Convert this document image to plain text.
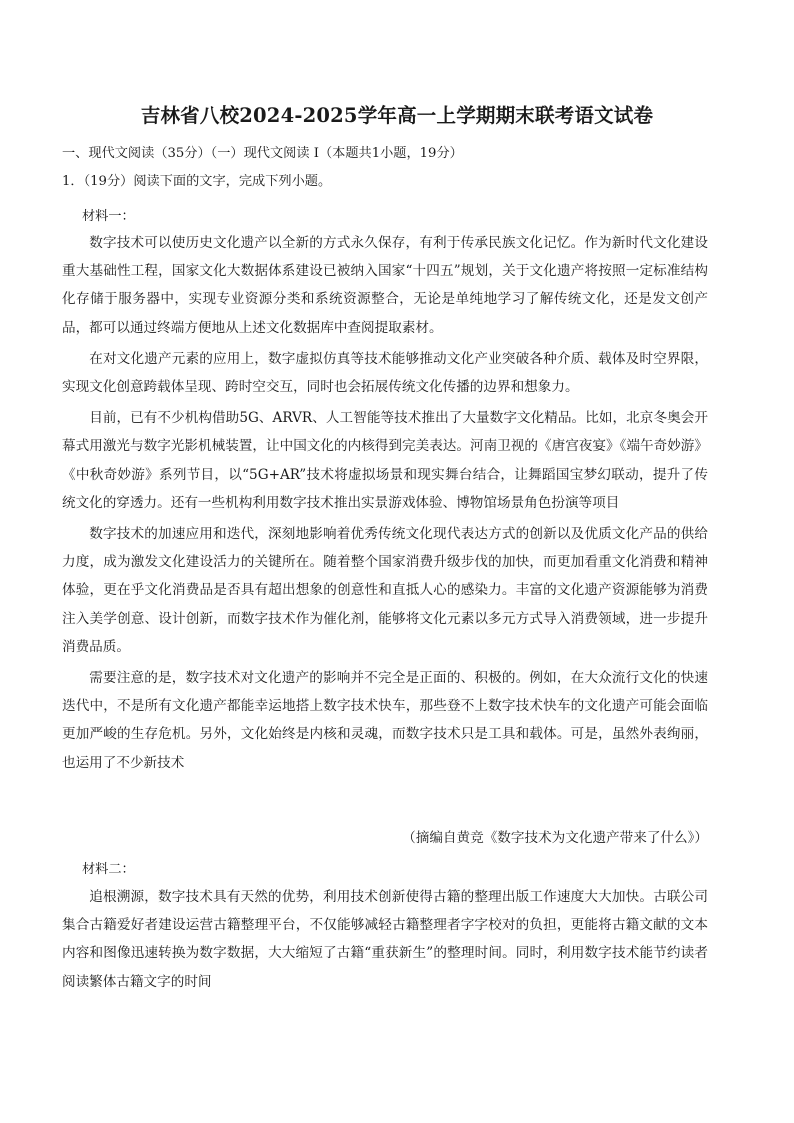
吉林省八校2024-2025学年高一上学期期末联考语文试卷
一、现代文阅读（35分）（一）现代文阅读 I（本题共1小题，19分）
1．（19分）阅读下面的文字，完成下列小题。
材料一：

数字技术可以使历史文化遗产以全新的方式永久保存，有利于传承民族文化记忆。作为新时代文化建设重大基础性工程，国家文化大数据体系建设已被纳入国家“十四五”规划，关于文化遗产将按照一定标准结构化存储于服务器中，实现专业资源分类和系统资源整合，无论是单纯地学习了解传统文化，还是发文创产品，都可以通过终端方便地从上述文化数据库中查阅提取素材。

在对文化遗产元素的应用上，数字虚拟仿真等技术能够推动文化产业突破各种介质、载体及时空界限，实现文化创意跨载体呈现、跨时空交互，同时也会拓展传统文化传播的边界和想象力。

目前，已有不少机构借助5G、ARVR、人工智能等技术推出了大量数字文化精品。比如，北京冬奥会开幕式用激光与数字光影机械装置，让中国文化的内核得到完美表达。河南卫视的《唐宫夜宴》《端午奇妙游》《中秋奇妙游》系列节目，以“5G+AR”技术将虚拟场景和现实舞台结合，让舞蹈国宝梦幻联动，提升了传统文化的穿透力。还有一些机构利用数字技术推出实景游戏体验、博物馆场景角色扮演等项目

数字技术的加速应用和迭代，深刻地影响着优秀传统文化现代表达方式的创新以及优质文化产品的供给力度，成为激发文化建设活力的关键所在。随着整个国家消费升级步伐的加快，而更加看重文化消费和精神体验，更在乎文化消费品是否具有超出想象的创意性和直抵人心的感染力。丰富的文化遗产资源能够为消费注入美学创意、设计创新，而数字技术作为催化剂，能够将文化元素以多元方式导入消费领域，进一步提升消费品质。

需要注意的是，数字技术对文化遗产的影响并不完全是正面的、积极的。例如，在大众流行文化的快速迭代中，不是所有文化遗产都能幸运地搭上数字技术快车，那些登不上数字技术快车的文化遗产可能会面临更加严峻的生存危机。另外，文化始终是内核和灵魂，而数字技术只是工具和载体。可是，虽然外表绚丽，也运用了不少新技术

（摘编自黄竞《数字技术为文化遗产带来了什么》）
材料二：

追根溯源，数字技术具有天然的优势，利用技术创新使得古籍的整理出版工作速度大大加快。古联公司集合古籍爱好者建设运营古籍整理平台，不仅能够减轻古籍整理者字字校对的负担，更能将古籍文献的文本内容和图像迅速转换为数字数据，大大缩短了古籍“重获新生”的整理时间。同时，利用数字技术能节约读者阅读繁体古籍文字的时间
